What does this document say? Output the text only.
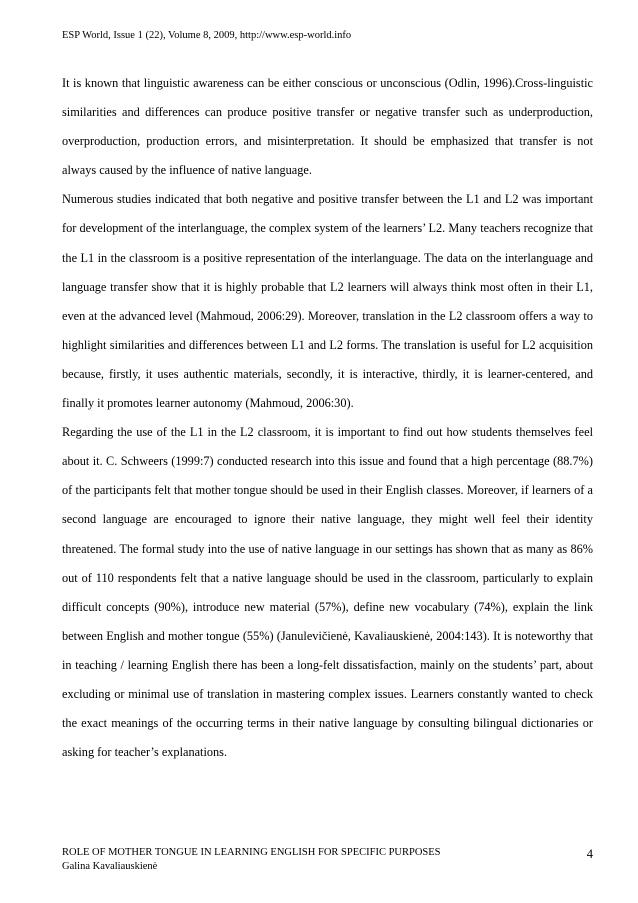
ESP World, Issue 1 (22), Volume 8, 2009, http://www.esp-world.info

It is known that linguistic awareness can be either conscious or unconscious (Odlin, 1996).Cross-linguistic similarities and differences can produce positive transfer or negative transfer such as underproduction, overproduction, production errors, and misinterpretation. It should be emphasized that transfer is not always caused by the influence of native language.

Numerous studies indicated that both negative and positive transfer between the L1 and L2 was important for development of the interlanguage, the complex system of the learners’ L2. Many teachers recognize that the L1 in the classroom is a positive representation of the interlanguage. The data on the interlanguage and language transfer show that it is highly probable that L2 learners will always think most often in their L1, even at the advanced level (Mahmoud, 2006:29). Moreover, translation in the L2 classroom offers a way to highlight similarities and differences between L1 and L2 forms. The translation is useful for L2 acquisition because, firstly, it uses authentic materials, secondly, it is interactive, thirdly, it is learner-centered, and finally it promotes learner autonomy (Mahmoud, 2006:30).

Regarding the use of the L1 in the L2 classroom, it is important to find out how students themselves feel about it. C. Schweers (1999:7) conducted research into this issue and found that a high percentage (88.7%) of the participants felt that mother tongue should be used in their English classes. Moreover, if learners of a second language are encouraged to ignore their native language, they might well feel their identity threatened. The formal study into the use of native language in our settings has shown that as many as 86% out of 110 respondents felt that a native language should be used in the classroom, particularly to explain difficult concepts (90%), introduce new material (57%), define new vocabulary (74%), explain the link between English and mother tongue (55%) (Janulevičienė, Kavaliauskienė, 2004:143). It is noteworthy that in teaching / learning English there has been a long-felt dissatisfaction, mainly on the students’ part, about excluding or minimal use of translation in mastering complex issues. Learners constantly wanted to check the exact meanings of the occurring terms in their native language by consulting bilingual dictionaries or asking for teacher’s explanations.

ROLE OF MOTHER TONGUE IN LEARNING ENGLISH FOR SPECIFIC PURPOSES
Galina Kavaliauskienė
4
